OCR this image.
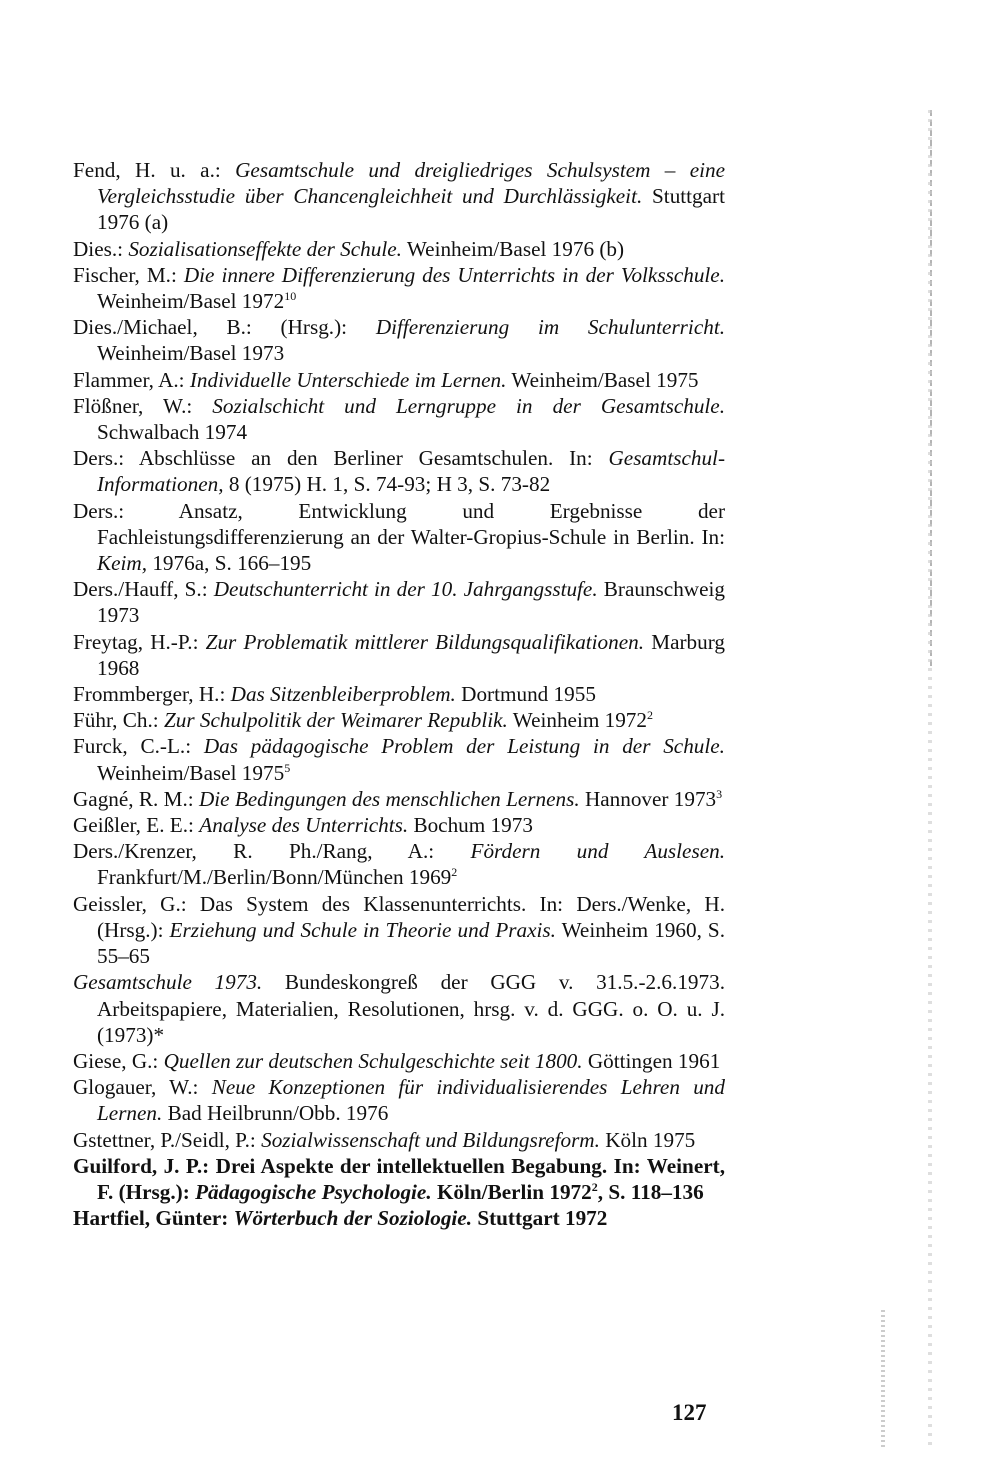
Fend, H. u. a.: Gesamtschule und dreigliedriges Schulsystem – eine Vergleichsstudie über Chancengleichheit und Durchlässigkeit. Stuttgart 1976 (a)

Dies.: Sozialisationseffekte der Schule. Weinheim/Basel 1976 (b)

Fischer, M.: Die innere Differenzierung des Unterrichts in der Volksschule. Weinheim/Basel 1972$^{10}$

Dies./Michael, B.: (Hrsg.): Differenzierung im Schulunterricht. Weinheim/Basel 1973

Flammer, A.: Individuelle Unterschiede im Lernen. Weinheim/Basel 1975

Flößner, W.: Sozialschicht und Lerngruppe in der Gesamtschule. Schwalbach 1974

Ders.: Abschlüsse an den Berliner Gesamtschulen. In: Gesamtschul-Informationen, 8 (1975) H. 1, S. 74-93; H 3, S. 73-82

Ders.: Ansatz, Entwicklung und Ergebnisse der Fachleistungsdifferenzierung an der Walter-Gropius-Schule in Berlin. In: Keim, 1976a, S. 166–195

Ders./Hauff, S.: Deutschunterricht in der 10. Jahrgangsstufe. Braunschweig 1973

Freytag, H.-P.: Zur Problematik mittlerer Bildungsqualifikationen. Marburg 1968

Frommberger, H.: Das Sitzenbleiberproblem. Dortmund 1955

Führ, Ch.: Zur Schulpolitik der Weimarer Republik. Weinheim 1972$^2$

Furck, C.-L.: Das pädagogische Problem der Leistung in der Schule. Weinheim/Basel 1975$^5$

Gagné, R. M.: Die Bedingungen des menschlichen Lernens. Hannover 1973$^3$

Geißler, E. E.: Analyse des Unterrichts. Bochum 1973

Ders./Krenzer, R. Ph./Rang, A.: Fördern und Auslesen. Frankfurt/M./Berlin/Bonn/München 1969$^2$

Geissler, G.: Das System des Klassenunterrichts. In: Ders./Wenke, H. (Hrsg.): Erziehung und Schule in Theorie und Praxis. Weinheim 1960, S. 55–65

Gesamtschule 1973. Bundeskongreß der GGG v. 31.5.-2.6.1973. Arbeitspapiere, Materialien, Resolutionen, hrsg. v. d. GGG. o. O. u. J. (1973)*

Giese, G.: Quellen zur deutschen Schulgeschichte seit 1800. Göttingen 1961

Glogauer, W.: Neue Konzeptionen für individualisierendes Lehren und Lernen. Bad Heilbrunn/Obb. 1976

Gstettner, P./Seidl, P.: Sozialwissenschaft und Bildungsreform. Köln 1975

Guilford, J. P.: Drei Aspekte der intellektuellen Begabung. In: Weinert, F. (Hrsg.): Pädagogische Psychologie. Köln/Berlin 1972$^2$, S. 118–136

Hartfiel, Günter: Wörterbuch der Soziologie. Stuttgart 1972

127
